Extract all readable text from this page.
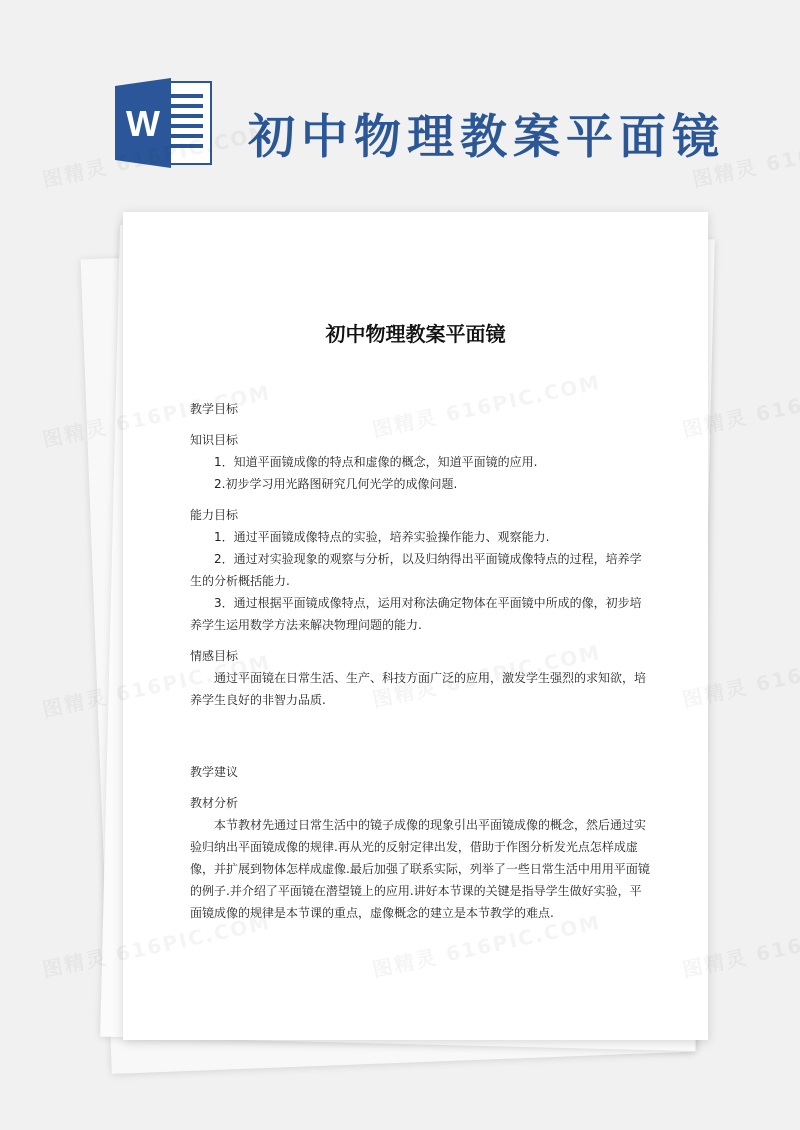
W 初中物理教案平面镜
初中物理教案平面镜

教学目标

知识目标

1．知道平面镜成像的特点和虚像的概念，知道平面镜的应用.

2.初步学习用光路图研究几何光学的成像问题.

能力目标

1．通过平面镜成像特点的实验，培养实验操作能力、观察能力.

2．通过对实验现象的观察与分析，以及归纳得出平面镜成像特点的过程，培养学生的分析概括能力.

3．通过根据平面镜成像特点，运用对称法确定物体在平面镜中所成的像，初步培养学生运用数学方法来解决物理问题的能力.

情感目标

通过平面镜在日常生活、生产、科技方面广泛的应用，激发学生强烈的求知欲，培养学生良好的非智力品质.

教学建议

教材分析

本节教材先通过日常生活中的镜子成像的现象引出平面镜成像的概念，然后通过实验归纳出平面镜成像的规律.再从光的反射定律出发，借助于作图分析发光点怎样成虚像，并扩展到物体怎样成虚像.最后加强了联系实际，列举了一些日常生活中用用平面镜的例子.并介绍了平面镜在潜望镜上的应用.讲好本节课的关键是指导学生做好实验，平面镜成像的规律是本节课的重点，虚像概念的建立是本节教学的难点.
